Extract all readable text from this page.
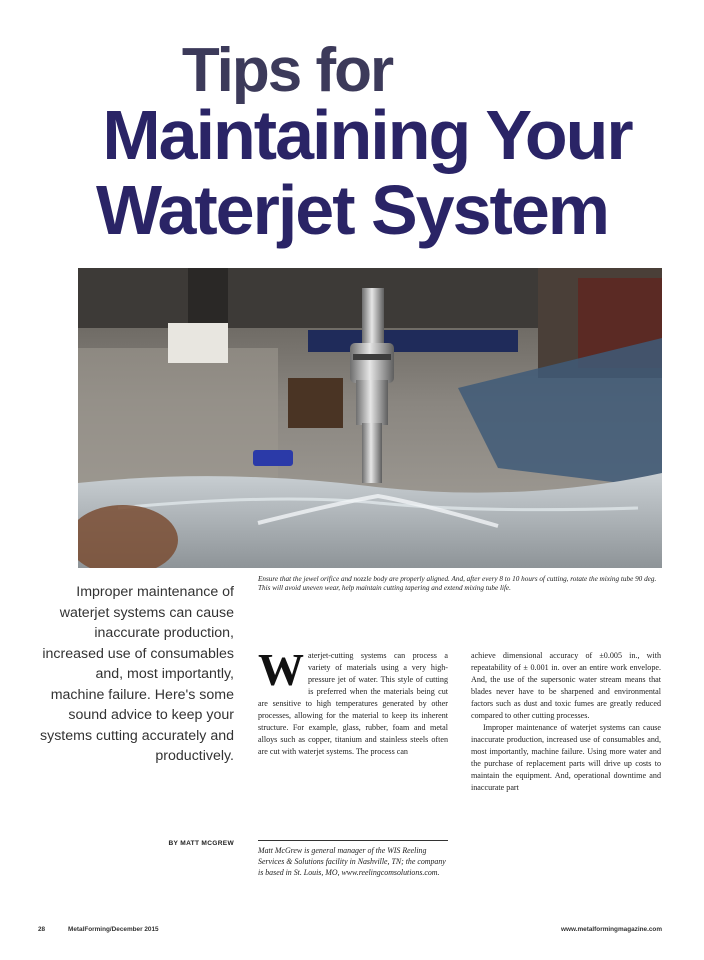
Tips for
Maintaining Your
Waterjet System
Ensure that the jewel orifice and nozzle body are properly aligned. And, after every 8 to 10 hours of cutting, rotate the mixing tube 90 deg. This will avoid uneven wear, help maintain cutting tapering and extend mixing tube life.
Improper maintenance of waterjet systems can cause inaccurate production, increased use of consumables and, most importantly, machine failure. Here's some sound advice to keep your systems cutting accurately and productively.
BY MATT MCGREW
W aterjet-cutting systems can process a variety of materials using a very high-pressure jet of water. This style of cutting is preferred when the materials being cut are sensitive to high temperatures generated by other processes, allowing for the material to keep its inherent structure. For example, glass, rubber, foam and metal alloys such as copper, titanium and stainless steels often are cut with waterjet systems. The process can

Matt McGrew is general manager of the WIS Reeling Services & Solutions facility in Nashville, TN; the company is based in St. Louis, MO, www.reelingcomsolutions.com.

achieve dimensional accuracy of ±0.005 in., with repeatability of ± 0.001 in. over an entire work envelope. And, the use of the supersonic water stream means that blades never have to be sharpened and environmental factors such as dust and toxic fumes are greatly reduced compared to other cutting processes.

Improper maintenance of waterjet systems can cause inaccurate production, increased use of consumables and, most importantly, machine failure. Using more water and the purchase of replacement parts will drive up costs to maintain the equipment. And, operational downtime and inaccurate part

28	MetalForming/December 2015	www.metalformingmagazine.com
